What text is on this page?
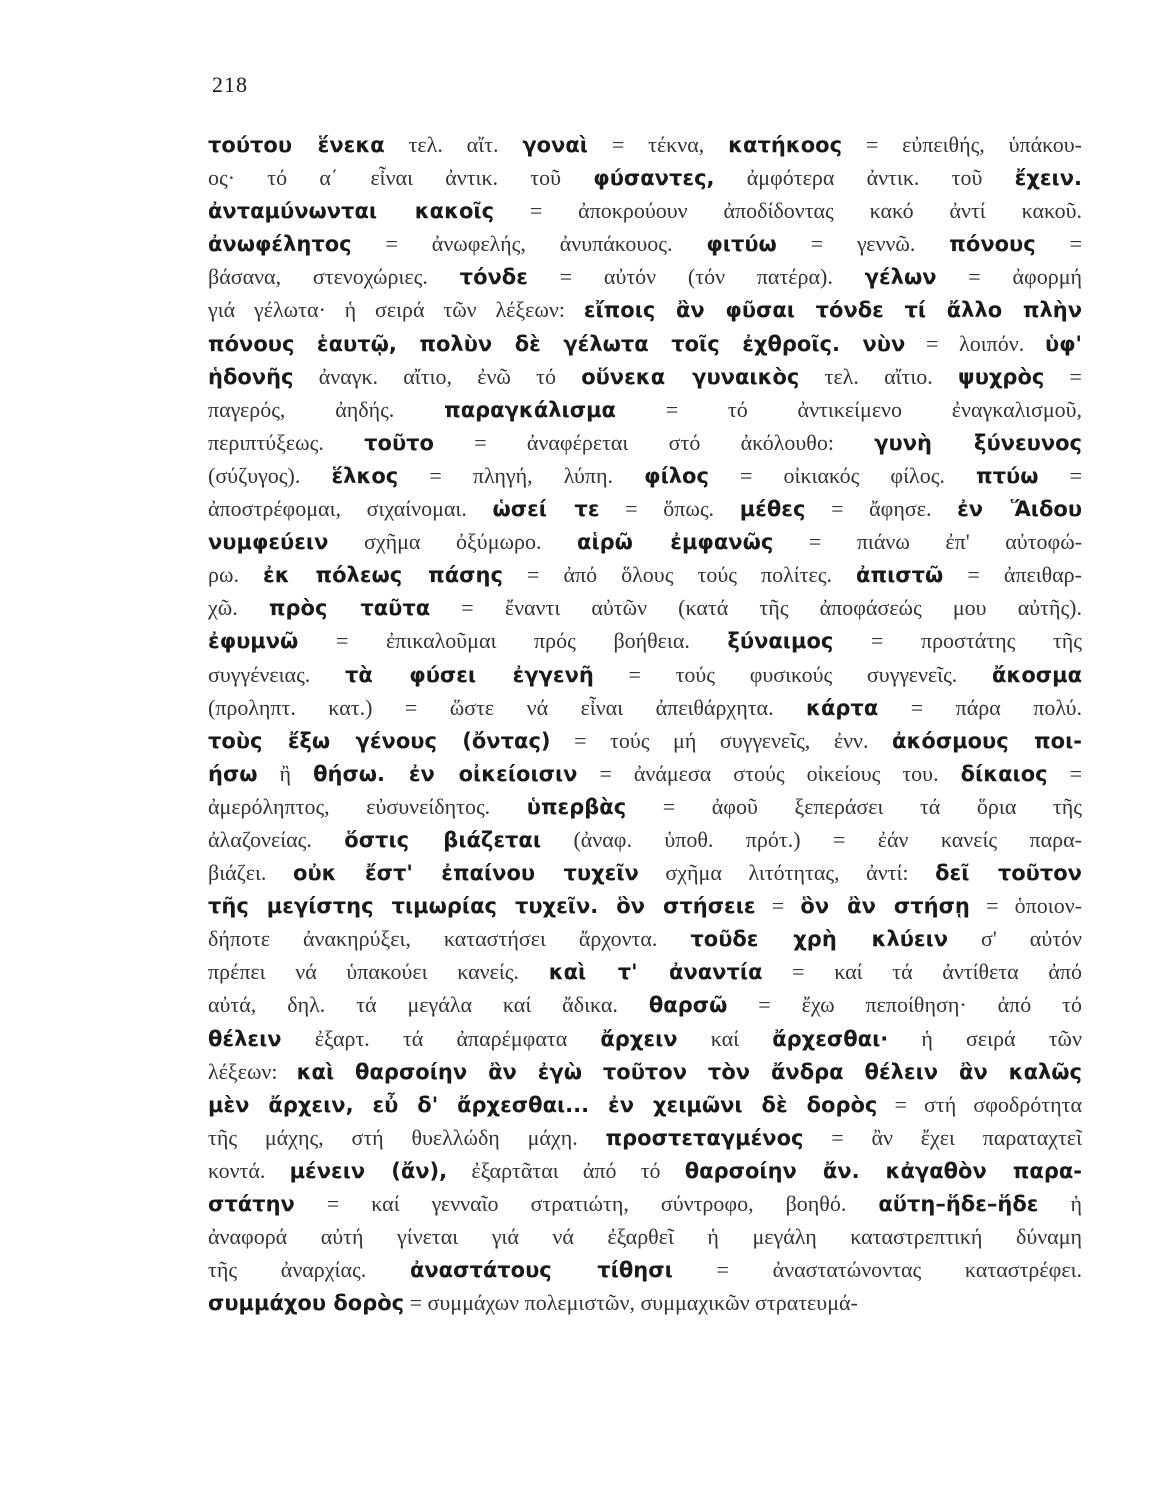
218
τούτου ἕνεκα τελ. αἴτ. γοναὶ = τέκνα, κατήκοος = εὐπειθής, ὑπάκου-
ος· τό α΄ εἶναι ἀντικ. τοῦ φύσαντες, ἀμφότερα ἀντικ. τοῦ ἔχειν.
ἀνταμύνωνται κακοῖς = ἀποκρούουν ἀποδίδοντας κακό ἀντί κακοῦ.
ἀνωφέλητος = ἀνωφελής, ἀνυπάκουος. φιτύω = γεννῶ. πόνους =
βάσανα, στενοχώριες. τόνδε = αὐτόν (τόν πατέρα). γέλων = ἀφορμή
γιά γέλωτα· ἡ σειρά τῶν λέξεων: εἴποις ἂν φῦσαι τόνδε τί ἄλλο πλὴν
πόνους ἑαυτῷ, πολὺν δὲ γέλωτα τοῖς ἐχθροῖς. νὺν = λοιπόν. ὑφ'
ἡδονῆς ἀναγκ. αἴτιο, ἐνῶ τό οὕνεκα γυναικὸς τελ. αἴτιο. ψυχρὸς =
παγερός, ἀηδής. παραγκάλισμα = τό ἀντικείμενο ἐναγκαλισμοῦ,
περιπτύξεως. τοῦτο = ἀναφέρεται στό ἀκόλουθο: γυνὴ ξύνευνος
(σύζυγος). ἕλκος = πληγή, λύπη. φίλος = οἰκιακός φίλος. πτύω =
ἀποστρέφομαι, σιχαίνομαι. ὡσεί τε = ὅπως. μέθες = ἄφησε. ἐν Ἅιδου
νυμφεύειν σχῆμα ὀξύμωρο. αἱρῶ ἐμφανῶς = πιάνω ἐπ' αὐτοφώ-
ρω. ἐκ πόλεως πάσης = ἀπό ὅλους τούς πολίτες. ἀπιστῶ = ἀπειθαρ-
χῶ. πρὸς ταῦτα = ἔναντι αὐτῶν (κατά τῆς ἀποφάσεώς μου αὐτῆς).
ἐφυμνῶ = ἐπικαλοῦμαι πρός βοήθεια. ξύναιμος = προστάτης τῆς
συγγένειας. τὰ φύσει ἐγγενῆ = τούς φυσικούς συγγενεῖς. ἄκοσμα
(προληπτ. κατ.) = ὥστε νά εἶναι ἀπειθάρχητα. κάρτα = πάρα πολύ.
τοὺς ἔξω γένους (ὄντας) = τούς μή συγγενεῖς, ἐνν. ἀκόσμους ποι-
ήσω ἢ θήσω. ἐν οἰκείοισιν = ἀνάμεσα στούς οἰκείους του. δίκαιος =
ἀμερόληπτος, εὐσυνείδητος. ὑπερβὰς = ἀφοῦ ξεπεράσει τά ὅρια τῆς
ἀλαζονείας. ὅστις βιάζεται (ἀναφ. ὑποθ. πρότ.) = ἐάν κανείς παρα-
βιάζει. οὐκ ἔστ' ἐπαίνου τυχεῖν σχῆμα λιτότητας, ἀντί: δεῖ τοῦτον
τῆς μεγίστης τιμωρίας τυχεῖν. ὃν στήσειε = ὃν ἂν στήσῃ = ὁποιον-
δήποτε ἀνακηρύξει, καταστήσει ἄρχοντα. τοῦδε χρὴ κλύειν σ' αὐτόν
πρέπει νά ὑπακούει κανείς. καὶ τ' ἀναντία = καί τά ἀντίθετα ἀπό
αὐτά, δηλ. τά μεγάλα καί ἄδικα. θαρσῶ = ἔχω πεποίθηση· ἀπό τό
θέλειν ἐξαρτ. τά ἀπαρέμφατα ἄρχειν καί ἄρχεσθαι· ἡ σειρά τῶν
λέξεων: καὶ θαρσοίην ἂν ἐγὼ τοῦτον τὸν ἄνδρα θέλειν ἂν καλῶς
μὲν ἄρχειν, εὖ δ' ἄρχεσθαι... ἐν χειμῶνι δὲ δορὸς = στή σφοδρότητα
τῆς μάχης, στή θυελλώδη μάχη. προστεταγμένος = ἂν ἔχει παραταχτεῖ
κοντά. μένειν (ἄν), ἐξαρτᾶται ἀπό τό θαρσοίην ἄν. κἀγαθὸν παρα-
στάτην = καί γενναῖο στρατιώτη, σύντροφο, βοηθό. αὕτη–ἥδε–ἥδε ἡ
ἀναφορά αὐτή γίνεται γιά νά ἐξαρθεῖ ἡ μεγάλη καταστρεπτική δύναμη
τῆς ἀναρχίας. ἀναστάτους τίθησι = ἀναστατώνοντας καταστρέφει.
συμμάχου δορὸς = συμμάχων πολεμιστῶν, συμμαχικῶν στρατευμά-
